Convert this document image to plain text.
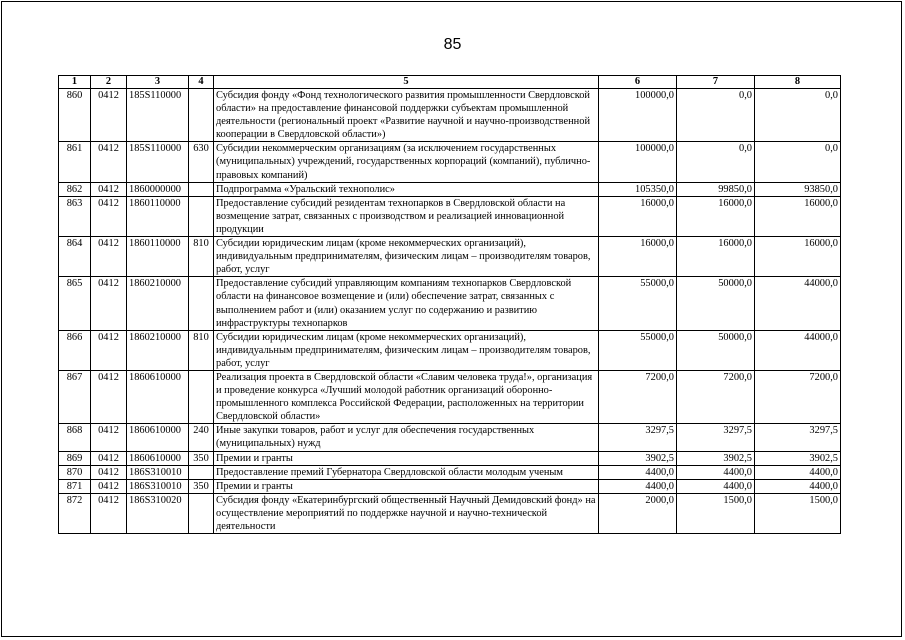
85
1	2	3	4	5	6	7	8
860	0412	185S110000		Субсидия фонду «Фонд технологического развития промышленности Свердловской области» на предоставление финансовой поддержки субъектам промышленной деятельности (региональный проект «Развитие научной и научно-производственной кооперации в Свердловской области»)	100000,0	0,0	0,0
861	0412	185S110000	630	Субсидии некоммерческим организациям (за исключением государственных (муниципальных) учреждений, государственных корпораций (компаний), публично-правовых компаний)	100000,0	0,0	0,0
862	0412	1860000000		Подпрограмма «Уральский технополис»	105350,0	99850,0	93850,0
863	0412	1860110000		Предоставление субсидий резидентам технопарков в Свердловской области на возмещение затрат, связанных с производством и реализацией инновационной продукции	16000,0	16000,0	16000,0
864	0412	1860110000	810	Субсидии юридическим лицам (кроме некоммерческих организаций), индивидуальным предпринимателям, физическим лицам – производителям товаров, работ, услуг	16000,0	16000,0	16000,0
865	0412	1860210000		Предоставление субсидий управляющим компаниям технопарков Свердловской области на финансовое возмещение и (или) обеспечение затрат, связанных с выполнением работ и (или) оказанием услуг по содержанию и развитию инфраструктуры технопарков	55000,0	50000,0	44000,0
866	0412	1860210000	810	Субсидии юридическим лицам (кроме некоммерческих организаций), индивидуальным предпринимателям, физическим лицам – производителям товаров, работ, услуг	55000,0	50000,0	44000,0
867	0412	1860610000		Реализация проекта в Свердловской области «Славим человека труда!», организация и проведение конкурса «Лучший молодой работник организаций оборонно-промышленного комплекса Российской Федерации, расположенных на территории Свердловской области»	7200,0	7200,0	7200,0
868	0412	1860610000	240	Иные закупки товаров, работ и услуг для обеспечения государственных (муниципальных) нужд	3297,5	3297,5	3297,5
869	0412	1860610000	350	Премии и гранты	3902,5	3902,5	3902,5
870	0412	186S310010		Предоставление премий Губернатора Свердловской области молодым ученым	4400,0	4400,0	4400,0
871	0412	186S310010	350	Премии и гранты	4400,0	4400,0	4400,0
872	0412	186S310020		Субсидия фонду «Екатеринбургский общественный Научный Демидовский фонд» на осуществление мероприятий по поддержке научной и научно-технической деятельности	2000,0	1500,0	1500,0
